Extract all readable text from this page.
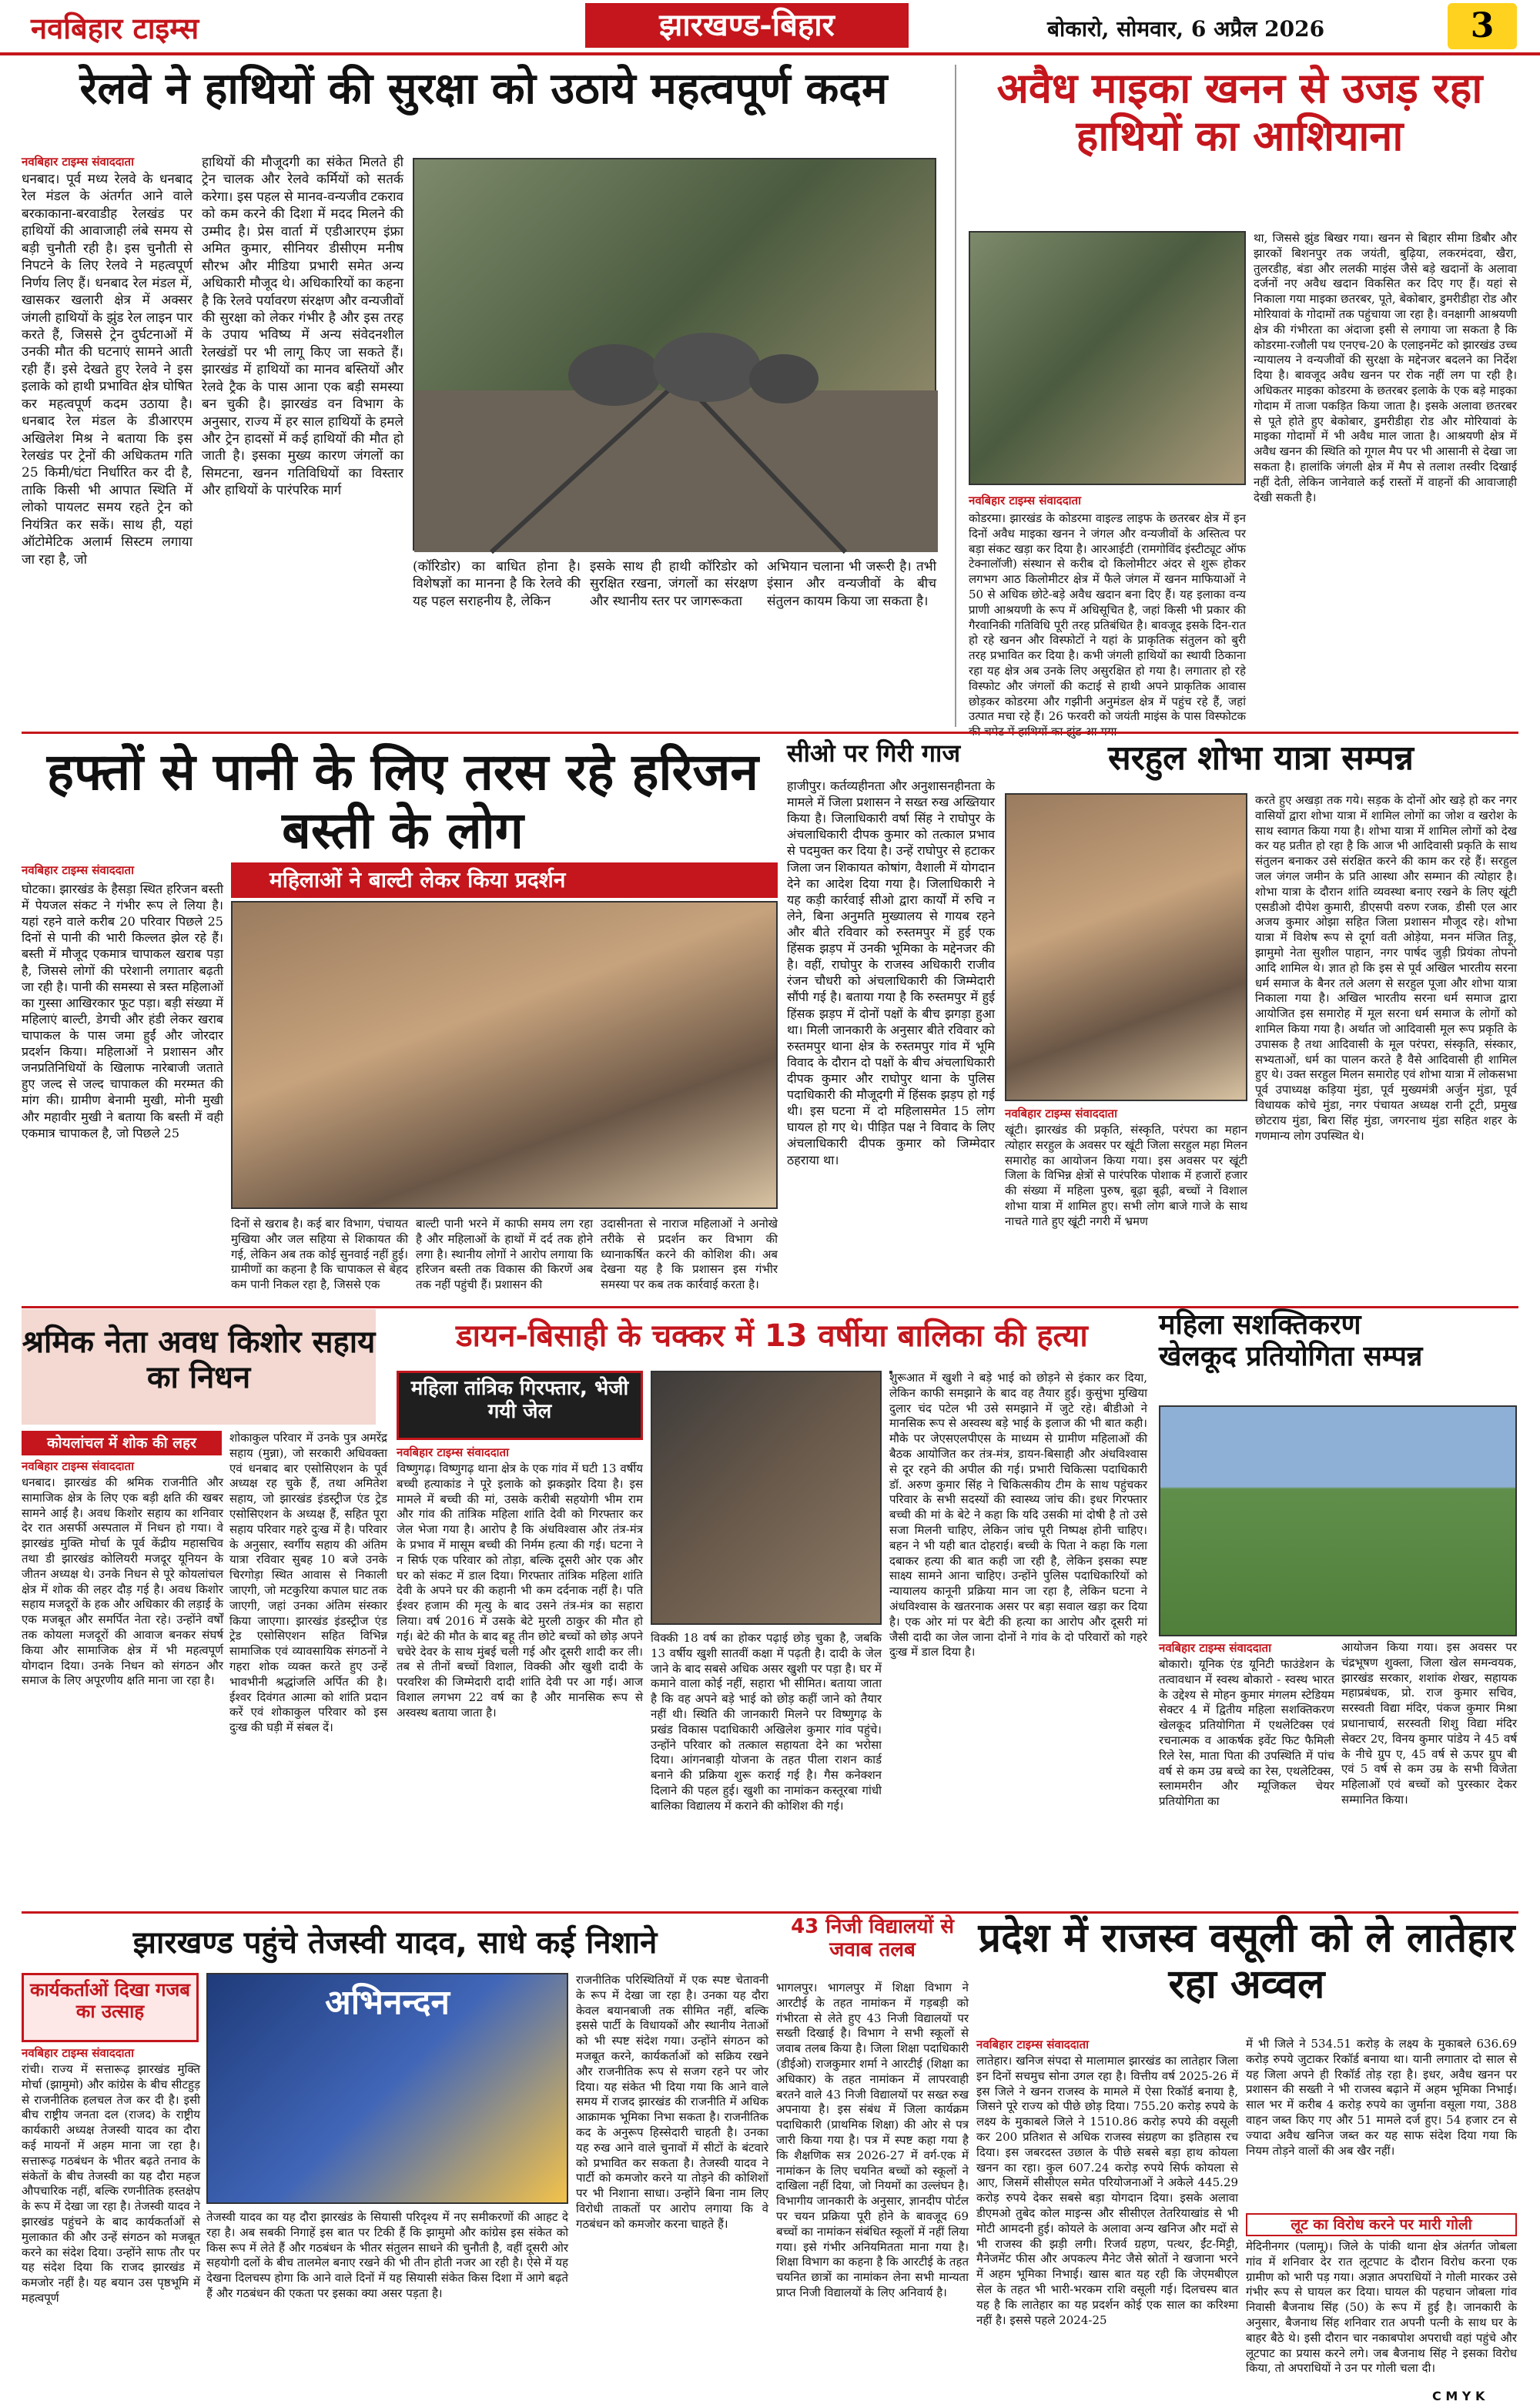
नवबिहार टाइम्स	झारखण्ड-बिहार	बोकारो, सोमवार, 6 अप्रैल 2026	3
रेलवे ने हाथियों की सुरक्षा को उठाये महत्वपूर्ण कदम
नवबिहार टाइम्स संवाददाता
धनबाद। पूर्व मध्य रेलवे के धनबाद रेल मंडल के अंतर्गत आने वाले बरकाकाना-बरवाडीह रेलखंड पर हाथियों की आवाजाही लंबे समय से बड़ी चुनौती रही है। इस चुनौती से निपटने के लिए रेलवे ने महत्वपूर्ण निर्णय लिए हैं। धनबाद रेल मंडल में, खासकर खलारी क्षेत्र में अक्सर जंगली हाथियों के झुंड रेल लाइन पार करते हैं, जिससे ट्रेन दुर्घटनाओं में उनकी मौत की घटनाएं सामने आती रही हैं। इसे देखते हुए रेलवे ने इस इलाके को हाथी प्रभावित क्षेत्र घोषित कर महत्वपूर्ण कदम उठाया है। धनबाद रेल मंडल के डीआरएम अखिलेश मिश्र ने बताया कि इस रेलखंड पर ट्रेनों की अधिकतम गति 25 किमी/घंटा निर्धारित कर दी है, ताकि किसी भी आपात स्थिति में लोको पायलट समय रहते ट्रेन को नियंत्रित कर सकें। साथ ही, यहां ऑटोमेटिक अलार्म सिस्टम लगाया जा रहा है, जो
हाथियों की मौजूदगी का संकेत मिलते ही ट्रेन चालक और रेलवे कर्मियों को सतर्क करेगा। इस पहल से मानव-वन्यजीव टकराव को कम करने की दिशा में मदद मिलने की उम्मीद है। प्रेस वार्ता में एडीआरएम इंफ्रा अमित कुमार, सीनियर डीसीएम मनीष सौरभ और मीडिया प्रभारी समेत अन्य अधिकारी मौजूद थे। अधिकारियों का कहना है कि रेलवे पर्यावरण संरक्षण और वन्यजीवों की सुरक्षा को लेकर गंभीर है और इस तरह के उपाय भविष्य में अन्य संवेदनशील रेलखंडों पर भी लागू किए जा सकते हैं। झारखंड में हाथियों का मानव बस्तियों और रेलवे ट्रैक के पास आना एक बड़ी समस्या बन चुकी है। झारखंड वन विभाग के अनुसार, राज्य में हर साल हाथियों के हमले और ट्रेन हादसों में कई हाथियों की मौत हो जाती है। इसका मुख्य कारण जंगलों का सिमटना, खनन गतिविधियों का विस्तार और हाथियों के पारंपरिक मार्ग
(कॉरिडोर) का बाधित होना है। विशेषज्ञों का मानना है कि रेलवे की यह पहल सराहनीय है, लेकिन
इसके साथ ही हाथी कॉरिडोर को सुरक्षित रखना, जंगलों का संरक्षण और स्थानीय स्तर पर जागरूकता
अभियान चलाना भी जरूरी है। तभी इंसान और वन्यजीवों के बीच संतुलन कायम किया जा सकता है।
अवैध माइका खनन से उजड़ रहा हाथियों का आशियाना
नवबिहार टाइम्स संवाददाता
कोडरमा। झारखंड के कोडरमा वाइल्ड लाइफ के छतरबर क्षेत्र में इन दिनों अवैध माइका खनन ने जंगल और वन्यजीवों के अस्तित्व पर बड़ा संकट खड़ा कर दिया है। आरआईटी (रामगोविंद इंस्टीट्यूट ऑफ टेक्नालॉजी) संस्थान से करीब दो किलोमीटर अंदर से शुरू होकर लगभग आठ किलोमीटर क्षेत्र में फैले जंगल में खनन माफियाओं ने 50 से अधिक छोटे-बड़े अवैध खदान बना दिए हैं। यह इलाका वन्य प्राणी आश्रयणी के रूप में अधिसूचित है, जहां किसी भी प्रकार की गैरवानिकी गतिविधि पूरी तरह प्रतिबंधित है। बावजूद इसके दिन-रात हो रहे खनन और विस्फोटों ने यहां के प्राकृतिक संतुलन को बुरी तरह प्रभावित कर दिया है। कभी जंगली हाथियों का स्थायी ठिकाना रहा यह क्षेत्र अब उनके लिए असुरक्षित हो गया है। लगातार हो रहे विस्फोट और जंगलों की कटाई से हाथी अपने प्राकृतिक आवास छोड़कर कोडरमा और गझीनी अनुमंडल क्षेत्र में पहुंच रहे हैं, जहां उत्पात मचा रहे हैं। 26 फरवरी को जयंती माइंस के पास विस्फोटक
था, जिससे झुंड बिखर गया। खनन से बिहार सीमा डिबौर और झारकों बिशनपुर तक जयंती, बुढ़िया, लकरमंदवा, खैरा, तुलरडीह, बंडा और ललकी माइंस जैसे बड़े खदानों के अलावा दर्जनों नए अवैध खदान विकसित कर दिए गए हैं। यहां से निकाला गया माइका छतरबर, पूते, बेकोबार, डुमरीडीहा रोड और मोरियावां के गोदामों तक पहुंचाया जा रहा है। वनक्षागी आश्रयणी क्षेत्र की गंभीरता का अंदाजा इसी से लगाया जा सकता है कि कोडरमा-रजौली पथ एनएच-20 के एलाइनमेंट को झारखंड उच्च न्यायालय ने वन्यजीवों की सुरक्षा के मद्देनजर बदलने का निर्देश दिया है। बावजूद अवैध खनन पर रोक नहीं लग पा रही है। अधिकतर माइका कोडरमा के छतरबर इलाके के एक बड़े माइका गोदाम में ताजा पकड़ित किया जाता है। इसके अलावा छतरबर से पूते होते हुए बेकोबार, डुमरीडीहा रोड और मोरियावां के माइका गोदामों में भी अवैध माल जाता है। आश्रयणी क्षेत्र में अवैध खनन की स्थिति को गूगल मैप पर भी आसानी से देखा जा सकता है। हालांकि जंगली क्षेत्र में मैप से तलाश तस्वीर दिखाई नहीं देती, लेकिन जानेवाले कई रास्तों में वाहनों की आवाजाही देखी सकती है।
हफ्तों से पानी के लिए तरस रहे हरिजन बस्ती के लोग
नवबिहार टाइम्स संवाददाता
घोटका। झारखंड के हैसड़ा स्थित हरिजन बस्ती में पेयजल संकट ने गंभीर रूप ले लिया है। यहां रहने वाले करीब 20 परिवार पिछले 25 दिनों से पानी की भारी किल्लत झेल रहे हैं। बस्ती में मौजूद एकमात्र चापाकल खराब पड़ा है, जिससे लोगों की परेशानी लगातार बढ़ती जा रही है। पानी की समस्या से त्रस्त महिलाओं का गुस्सा आखिरकार फूट पड़ा। बड़ी संख्या में महिलाएं बाल्टी, डेगची और हंडी लेकर खराब चापाकल के पास जमा हुईं और जोरदार प्रदर्शन किया। महिलाओं ने प्रशासन और जनप्रतिनिधियों के खिलाफ नारेबाजी जताते हुए जल्द से जल्द चापाकल की मरम्मत की मांग की। ग्रामीण बेनामी मुखी, मोनी मुखी और महावीर मुखी ने बताया कि बस्ती में वही एकमात्र चापाकल है, जो पिछले 25
महिलाओं ने बाल्टी लेकर किया प्रदर्शन
दिनों से खराब है। कई बार विभाग, पंचायत मुखिया और जल सहिया से शिकायत की गई, लेकिन अब तक कोई सुनवाई नहीं हुई। ग्रामीणों का कहना है कि चापाकल से बेहद कम पानी निकल रहा है, जिससे एक
बाल्टी पानी भरने में काफी समय लग रहा है और महिलाओं के हाथों में दर्द तक होने लगा है। स्थानीय लोगों ने आरोप लगाया कि हरिजन बस्ती तक विकास की किरणें अब तक नहीं पहुंची हैं। प्रशासन की
उदासीनता से नाराज महिलाओं ने अनोखे तरीके से प्रदर्शन कर विभाग की ध्यानाकर्षित करने की कोशिश की। अब देखना यह है कि प्रशासन इस गंभीर समस्या पर कब तक कार्रवाई करता है।
सीओ पर गिरी गाज
हाजीपुर। कर्तव्यहीनता और अनुशासनहीनता के मामले में जिला प्रशासन ने सख्त रुख अख्तियार किया है। जिलाधिकारी वर्षा सिंह ने राघोपुर के अंचलाधिकारी दीपक कुमार को तत्काल प्रभाव से पदमुक्त कर दिया है। उन्हें राघोपुर से हटाकर जिला जन शिकायत कोषांग, वैशाली में योगदान देने का आदेश दिया गया है। जिलाधिकारी ने यह कड़ी कार्रवाई सीओ द्वारा कार्यों में रुचि न लेने, बिना अनुमति मुख्यालय से गायब रहने और बीते रविवार को रुस्तमपुर में हुई एक हिंसक झड़प में उनकी भूमिका के मद्देनजर की है। वहीं, राघोपुर के राजस्व अधिकारी राजीव रंजन चौधरी को अंचलाधिकारी की जिम्मेदारी सौंपी गई है। बताया गया है कि रुस्तमपुर में हुई हिंसक झड़प में दोनों पक्षों के बीच झगड़ा हुआ था। मिली जानकारी के अनुसार बीते रविवार को रुस्तमपुर थाना क्षेत्र के रुस्तमपुर गांव में भूमि विवाद के दौरान दो पक्षों के बीच अंचलाधिकारी दीपक कुमार और राघोपुर थाना के पुलिस पदाधिकारी की मौजूदगी में हिंसक झड़प हो गई थी। इस घटना में दो महिलासमेत 15 लोग घायल हो गए थे। पीड़ित पक्ष ने विवाद के लिए अंचलाधिकारी दीपक कुमार को जिम्मेदार ठहराया था।
सरहुल शोभा यात्रा सम्पन्न
नवबिहार टाइम्स संवाददाता
खूंटी। झारखंड की प्रकृति, संस्कृति, परंपरा का महान त्योहार सरहुल के अवसर पर खूंटी जिला सरहुल महा मिलन समारोह का आयोजन किया गया। इस अवसर पर खूंटी जिला के विभिन्न क्षेत्रों से पारंपरिक पोशाक में हजारों हजार की संख्या में महिला पुरुष, बूढ़ा बूढ़ी, बच्चों ने विशाल शोभा यात्रा में शामिल हुए। सभी लोग बाजे गाजे के साथ नाचते गाते हुए खूंटी नगरी में भ्रमण
करते हुए अखड़ा तक गये। सड़क के दोनों ओर खड़े हो कर नगर वासियों द्वारा शोभा यात्रा में शामिल लोगों का जोश व खरोश के साथ स्वागत किया गया है। शोभा यात्रा में शामिल लोगों को देख कर यह प्रतीत हो रहा है कि आज भी आदिवासी प्रकृति के साथ संतुलन बनाकर उसे संरक्षित करने की काम कर रहे हैं। सरहुल जल जंगल जमीन के प्रति आस्था और सम्मान की त्योहार है। शोभा यात्रा के दौरान शांति व्यवस्था बनाए रखने के लिए खूंटी एसडीओ दीपेश कुमारी, डीएसपी वरुण रजक, डीसी एल आर अजय कुमार ओझा सहित जिला प्रशासन मौजूद रहे। शोभा यात्रा में विशेष रूप से दूर्गा वती ओड़ेया, मनन मंजित तिड़ू, झामुमो नेता सुशील पाहान, नगर पार्षद जुड़ी प्रियंका तोपनो आदि शामिल थे। ज्ञात हो कि इस से पूर्व अखिल भारतीय सरना धर्म समाज के बैनर तले अलग से सरहुल पूजा और शोभा यात्रा निकाला गया है। अखिल भारतीय सरना धर्म समाज द्वारा आयोजित इस समारोह में मूल सरना धर्म समाज के लोगों को शामिल किया गया है। अर्थात जो आदिवासी मूल रूप प्रकृति के उपासक है तथा आदिवासी के मूल परंपरा, संस्कृति, संस्कार, सभ्यताओं, धर्म का पालन करते है वैसे आदिवासी ही शामिल हुए थे। उक्त सरहुल मिलन समारोह एवं शोभा यात्रा में लोकसभा पूर्व उपाध्यक्ष कड़िया मुंडा, पूर्व मुख्यमंत्री अर्जुन मुंडा, पूर्व विधायक कोचे मुंडा, नगर पंचायत अध्यक्ष रानी टूटी, प्रमुख छोटराय मुंडा, बिरा सिंह मुंडा, जगरनाथ मुंडा सहित शहर के गणमान्य लोग उपस्थित थे।
श्रमिक नेता अवध किशोर सहाय का निधन
कोयलांचल में शोक की लहर
नवबिहार टाइम्स संवाददाता
धनबाद। झारखंड की श्रमिक राजनीति और सामाजिक क्षेत्र के लिए एक बड़ी क्षति की खबर सामने आई है। अवध किशोर सहाय का शनिवार देर रात असर्फी अस्पताल में निधन हो गया। वे झारखंड मुक्ति मोर्चा के पूर्व केंद्रीय महासचिव तथा डी झारखंड कोलियरी मजदूर यूनियन के जीतन अध्यक्ष थे। उनके निधन से पूरे कोयलांचल क्षेत्र में शोक की लहर दौड़ गई है। अवध किशोर सहाय मजदूरों के हक और अधिकार की लड़ाई के एक मजबूत और समर्पित नेता रहे। उन्होंने वर्षों तक कोयला मजदूरों की आवाज बनकर संघर्ष किया और सामाजिक क्षेत्र में भी महत्वपूर्ण योगदान दिया। उनके निधन को संगठन और समाज के लिए अपूरणीय क्षति माना जा रहा है।
शोकाकुल परिवार में उनके पुत्र अमरेंद्र सहाय (मुन्ना), जो सरकारी अधिवक्ता एवं धनबाद बार एसोसिएशन के पूर्व अध्यक्ष रह चुके हैं, तथा अमितेश सहाय, जो झारखंड इंडस्ट्रीज एंड ट्रेड एसोसिएशन के अध्यक्ष हैं, सहित पूरा सहाय परिवार गहरे दुःख में है। परिवार के अनुसार, स्वर्गीय सहाय की अंतिम यात्रा रविवार सुबह 10 बजे उनके चिरगोड़ा स्थित आवास से निकाली जाएगी, जो मटकुरिया कपाल घाट तक जाएगी, जहां उनका अंतिम संस्कार किया जाएगा। झारखंड इंडस्ट्रीज एंड ट्रेड एसोसिएशन सहित विभिन्न सामाजिक एवं व्यावसायिक संगठनों ने गहरा शोक व्यक्त करते हुए उन्हें भावभीनी श्रद्धांजलि अर्पित की है। ईश्वर दिवंगत आत्मा को शांति प्रदान करें एवं शोकाकुल परिवार को इस दुःख की घड़ी में संबल दें।
डायन-बिसाही के चक्कर में 13 वर्षीया बालिका की हत्या
महिला तांत्रिक गिरफ्तार, भेजी गयी जेल
नवबिहार टाइम्स संवाददाता
विष्णुगढ़। विष्णुगढ़ थाना क्षेत्र के एक गांव में घटी 13 वर्षीय बच्ची हत्याकांड ने पूरे इलाके को झकझोर दिया है। इस मामले में बच्ची की मां, उसके करीबी सहयोगी भीम राम और गांव की तांत्रिक महिला शांति देवी को गिरफ्तार कर जेल भेजा गया है। आरोप है कि अंधविश्वास और तंत्र-मंत्र के प्रभाव में मासूम बच्ची की निर्मम हत्या की गई। घटना ने न सिर्फ एक परिवार को तोड़ा, बल्कि दूसरी ओर एक और घर को संकट में डाल दिया। गिरफ्तार तांत्रिक महिला शांति देवी के अपने घर की कहानी भी कम दर्दनाक नहीं है। पति ईश्वर हजाम की मृत्यु के बाद उसने तंत्र-मंत्र का सहारा लिया। वर्ष 2016 में उसके बेटे मुरली ठाकुर की मौत हो गई। बेटे की मौत के बाद बहू तीन छोटे बच्चों को छोड़ अपने चचेरे देवर के साथ मुंबई चली गई और दूसरी शादी कर ली। तब से तीनों बच्चों विशाल, विक्की और खुशी दादी के परवरिश की जिम्मेदारी दादी शांति देवी पर आ गई। आज विशाल लगभग 22 वर्ष का है और मानसिक रूप से अस्वस्थ बताया जाता है।
विक्की 18 वर्ष का होकर पढ़ाई छोड़ चुका है, जबकि 13 वर्षीय खुशी सातवीं कक्षा में पढ़ती है। दादी के जेल जाने के बाद सबसे अधिक असर खुशी पर पड़ा है। घर में कमाने वाला कोई नहीं, सहारा भी सीमित। बताया जाता है कि वह अपने बड़े भाई को छोड़ कहीं जाने को तैयार नहीं थी। स्थिति की जानकारी मिलने पर विष्णुगढ़ के प्रखंड विकास पदाधिकारी अखिलेश कुमार गांव पहुंचे। उन्होंने परिवार को तत्काल सहायता देने का भरोसा दिया। आंगनबाड़ी योजना के तहत पीला राशन कार्ड बनाने की प्रक्रिया शुरू कराई गई है। गैस कनेक्शन दिलाने की पहल हुई। खुशी का नामांकन कस्तूरबा गांधी बालिका विद्यालय में कराने की कोशिश की गई।
शुरूआत में खुशी ने बड़े भाई को छोड़ने से इंकार कर दिया, लेकिन काफी समझाने के बाद वह तैयार हुई। कुसुंभा मुखिया दुलार चंद पटेल भी उसे समझाने में जुटे रहे। बीडीओ ने मानसिक रूप से अस्वस्थ बड़े भाई के इलाज की भी बात कही। मौके पर जेएसएलपीएस के माध्यम से ग्रामीण महिलाओं की बैठक आयोजित कर तंत्र-मंत्र, डायन-बिसाही और अंधविश्वास से दूर रहने की अपील की गई। प्रभारी चिकित्सा पदाधिकारी डॉ. अरुण कुमार सिंह ने चिकित्सकीय टीम के साथ पहुंचकर परिवार के सभी सदस्यों की स्वास्थ्य जांच की। इधर गिरफ्तार बच्ची की मां के बेटे ने कहा कि यदि उसकी मां दोषी है तो उसे सजा मिलनी चाहिए, लेकिन जांच पूरी निष्पक्ष होनी चाहिए। बहन ने भी यही बात दोहराई। बच्ची के पिता ने कहा कि गला दबाकर हत्या की बात कही जा रही है, लेकिन इसका स्पष्ट साक्ष्य सामने आना चाहिए। उन्होंने पुलिस पदाधिकारियों को न्यायालय कानूनी प्रक्रिया मान जा रहा है, लेकिन घटना ने अंधविश्वास के खतरनाक असर पर बड़ा सवाल खड़ा कर दिया है। एक ओर मां पर बेटी की हत्या का आरोप और दूसरी मां जैसी दादी का जेल जाना दोनों ने गांव के दो परिवारों को गहरे दुःख में डाल दिया है।
महिला सशक्तिकरण
खेलकूद प्रतियोगिता सम्पन्न
नवबिहार टाइम्स संवाददाता
बोकारो। यूनिक एंड यूनिटी फाउंडेशन के तत्वावधान में स्वस्थ बोकारो - स्वस्थ भारत के उद्देश्य से मोहन कुमार मंगलम स्टेडियम सेक्टर 4 में द्वितीय महिला सशक्तिकरण खेलकूद प्रतियोगिता में एथलेटिक्स एवं रचनात्मक व आकर्षक इवेंट फिट फैमिली रिले रेस, माता पिता की उपस्थिति में पांच वर्ष से कम उम्र बच्चे का रेस, एथलेटिक्स, स्लाममरीन और म्यूजिकल चेयर प्रतियोगिता का
आयोजन किया गया। इस अवसर पर चंद्रभूषण शुक्ला, जिला खेल समन्वयक, झारखंड सरकार, शशांक शेखर, सहायक महाप्रबंधक, प्रो. राज कुमार सचिव, सरस्वती विद्या मंदिर, पंकज कुमार मिश्रा प्रधानाचार्य, सरस्वती शिशु विद्या मंदिर सेक्टर 2ए, विनय कुमार पांडेय ने 45 वर्ष के नीचे ग्रुप ए, 45 वर्ष से ऊपर ग्रुप बी एवं 5 वर्ष से कम उम्र के सभी विजेता महिलाओं एवं बच्चों को पुरस्कार देकर सम्मानित किया।
झारखण्ड पहुंचे तेजस्वी यादव, साधे कई निशाने
कार्यकर्ताओं दिखा गजब का उत्साह
नवबिहार टाइम्स संवाददाता
रांची। राज्य में सत्तारूढ़ झारखंड मुक्ति मोर्चा (झामुमो) और कांग्रेस के बीच सीटहुड़ से राजनीतिक हलचल तेज कर दी है। इसी बीच राष्ट्रीय जनता दल (राजद) के राष्ट्रीय कार्यकारी अध्यक्ष तेजस्वी यादव का दौरा कई मायनों में अहम माना जा रहा है। सत्तारूढ़ गठबंधन के भीतर बढ़ते तनाव के संकेतों के बीच तेजस्वी का यह दौरा महज औपचारिक नहीं, बल्कि रणनीतिक हस्तक्षेप के रूप में देखा जा रहा है। तेजस्वी यादव ने झारखंड पहुंचने के बाद कार्यकर्ताओं से मुलाकात की और उन्हें संगठन को मजबूत करने का संदेश दिया। उन्होंने साफ तौर पर यह संदेश दिया कि राजद झारखंड में कमजोर नहीं है। यह बयान उस पृष्ठभूमि में महत्वपूर्ण
अभिनन्दन
राजनीतिक परिस्थितियों में एक स्पष्ट चेतावनी के रूप में देखा जा रहा है। उनका यह दौरा केवल बयानबाजी तक सीमित नहीं, बल्कि इससे पार्टी के विधायकों और स्थानीय नेताओं को भी स्पष्ट संदेश गया। उन्होंने संगठन को मजबूत करने, कार्यकर्ताओं को सक्रिय रखने और राजनीतिक रूप से सजग रहने पर जोर दिया। यह संकेत भी दिया गया कि आने वाले समय में राजद झारखंड की राजनीति में अधिक आक्रामक भूमिका निभा सकता है। राजनीतिक कद के अनुरूप हिस्सेदारी चाहती है। उनका यह रुख आने वाले चुनावों में सीटों के बंटवारे को प्रभावित कर सकता है। तेजस्वी यादव ने पार्टी को कमजोर करने या तोड़ने की कोशिशों पर भी निशाना साधा। उन्होंने बिना नाम लिए विरोधी ताकतों पर आरोप लगाया कि वे गठबंधन को कमजोर करना चाहते हैं।
तेजस्वी यादव का यह दौरा झारखंड के सियासी परिदृश्य में नए समीकरणों की आहट दे रहा है। अब सबकी निगाहें इस बात पर टिकी हैं कि झामुमो और कांग्रेस इस संकेत को किस रूप में लेते हैं और गठबंधन के भीतर संतुलन साधने की चुनौती है, वहीं दूसरी ओर सहयोगी दलों के बीच तालमेल बनाए रखने की भी तीन होती नजर आ रही है। ऐसे में यह देखना दिलचस्प होगा कि आने वाले दिनों में यह सियासी संकेत किस दिशा में आगे बढ़ते हैं और गठबंधन की एकता पर इसका क्या असर पड़ता है।
43 निजी विद्यालयों से जवाब तलब
भागलपुर। भागलपुर में शिक्षा विभाग ने आरटीई के तहत नामांकन में गड़बड़ी को गंभीरता से लेते हुए 43 निजी विद्यालयों पर सख्ती दिखाई है। विभाग ने सभी स्कूलों से जवाब तलब किया है। जिला शिक्षा पदाधिकारी (डीईओ) राजकुमार शर्मा ने आरटीई (शिक्षा का अधिकार) के तहत नामांकन में लापरवाही बरतने वाले 43 निजी विद्यालयों पर सख्त रुख अपनाया है। इस संबंध में जिला कार्यक्रम पदाधिकारी (प्राथमिक शिक्षा) की ओर से पत्र जारी किया गया है। पत्र में स्पष्ट कहा गया है कि शैक्षणिक सत्र 2026-27 में वर्ग-एक में नामांकन के लिए चयनित बच्चों को स्कूलों ने दाखिला नहीं दिया, जो नियमों का उल्लंघन है। विभागीय जानकारी के अनुसार, ज्ञानदीप पोर्टल पर चयन प्रक्रिया पूरी होने के बावजूद 69 बच्चों का नामांकन संबंधित स्कूलों में नहीं लिया गया। इसे गंभीर अनियमितता माना गया है। शिक्षा विभाग का कहना है कि आरटीई के तहत चयनित छात्रों का नामांकन लेना सभी मान्यता प्राप्त निजी विद्यालयों के लिए अनिवार्य है।
प्रदेश में राजस्व वसूली को ले लातेहार रहा अव्वल
नवबिहार टाइम्स संवाददाता
लातेहार। खनिज संपदा से मालामाल झारखंड का लातेहार जिला इन दिनों सचमुच सोना उगल रहा है। वित्तीय वर्ष 2025-26 में इस जिले ने खनन राजस्व के मामले में ऐसा रिकॉर्ड बनाया है, जिसने पूरे राज्य को पीछे छोड़ दिया। 755.20 करोड़ रुपये के लक्ष्य के मुकाबले जिले ने 1510.86 करोड़ रुपये की वसूली कर 200 प्रतिशत से अधिक राजस्व संग्रहण का इतिहास रच दिया। इस जबरदस्त उछाल के पीछे सबसे बड़ा हाथ कोयला खनन का रहा। कुल 607.24 करोड़ रुपये सिर्फ कोयला से आए, जिसमें सीसीएल समेत परियोजनाओं ने अकेले 445.29 करोड़ रुपये देकर सबसे बड़ा योगदान दिया। इसके अलावा डीएमओ तुबेद कोल माइन्स और सीसीएल तेतरियाखांड से भी मोटी आमदनी हुई। कोयले के अलावा अन्य खनिज और मदों से भी राजस्व की झड़ी लगी। रिजर्व ग्रहण, पत्थर, ईंट-मिट्टी, मैनेजमेंट फीस और अपकल्प मैनेट जैसे स्रोतों ने खजाना भरने में अहम भूमिका निभाई। खास बात यह रही कि जेएमबीएल सेल के तहत भी भारी-भरकम राशि वसूली गई। दिलचस्प बात यह है कि लातेहार का यह प्रदर्शन कोई एक साल का करिश्मा नहीं है। इससे पहले 2024-25
में भी जिले ने 534.51 करोड़ के लक्ष्य के मुकाबले 636.69 करोड़ रुपये जुटाकर रिकॉर्ड बनाया था। यानी लगातार दो साल से यह जिला अपने ही रिकॉर्ड तोड़ रहा है। इधर, अवैध खनन पर प्रशासन की सख्ती ने भी राजस्व बढ़ाने में अहम भूमिका निभाई। साल भर में करीब 4 करोड़ रुपये का जुर्माना वसूला गया, 388 वाहन जब्त किए गए और 51 मामले दर्ज हुए। 54 हजार टन से ज्यादा अवैध खनिज जब्त कर यह साफ संदेश दिया गया कि नियम तोड़ने वालों की अब खैर नहीं।
लूट का विरोध करने पर मारी गोली
मेदिनीनगर (पलामू)। जिले के पांकी थाना क्षेत्र अंतर्गत जोबला गांव में शनिवार देर रात लूटपाट के दौरान विरोध करना एक ग्रामीण को भारी पड़ गया। अज्ञात अपराधियों ने गोली मारकर उसे गंभीर रूप से घायल कर दिया। घायल की पहचान जोबला गांव निवासी बैजनाथ सिंह (50) के रूप में हुई है। जानकारी के अनुसार, बैजनाथ सिंह शनिवार रात अपनी पत्नी के साथ घर के बाहर बैठे थे। इसी दौरान चार नकाबपोश अपराधी वहां पहुंचे और लूटपाट का प्रयास करने लगे। जब बैजनाथ सिंह ने इसका विरोध किया, तो अपराधियों ने उन पर गोली चला दी।
C M Y K
